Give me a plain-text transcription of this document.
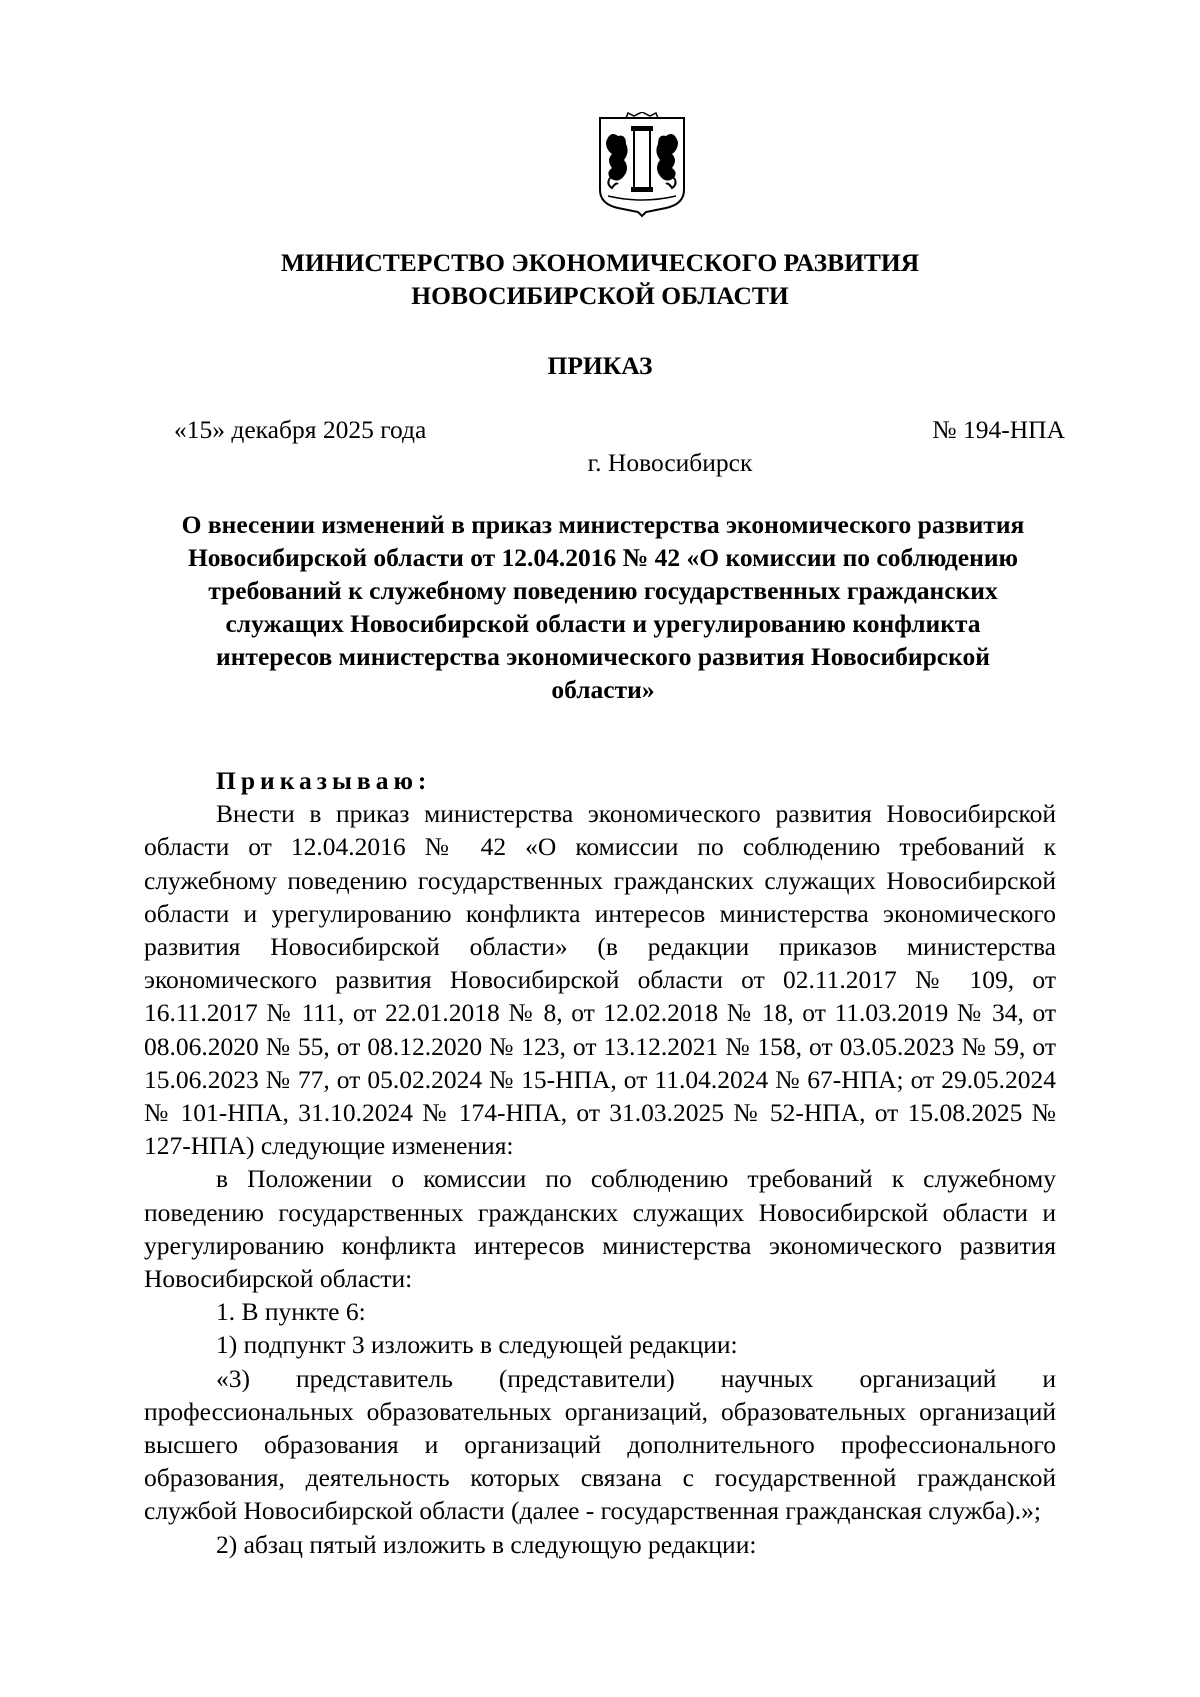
МИНИСТЕРСТВО ЭКОНОМИЧЕСКОГО РАЗВИТИЯ
НОВОСИБИРСКОЙ ОБЛАСТИ
ПРИКАЗ
«15» декабря 2025 года	№ 194-НПА
г. Новосибирск
О внесении изменений в приказ министерства экономического развития Новосибирской области от 12.04.2016 № 42 «О комиссии по соблюдению требований к служебному поведению государственных гражданских служащих Новосибирской области и урегулированию конфликта интересов министерства экономического развития Новосибирской области»

Приказываю:

Внести в приказ министерства экономического развития Новосибирской области от 12.04.2016 № 42 «О комиссии по соблюдению требований к служебному поведению государственных гражданских служащих Новосибирской области и урегулированию конфликта интересов министерства экономического развития Новосибирской области» (в редакции приказов министерства экономического развития Новосибирской области от 02.11.2017 № 109, от 16.11.2017 № 111, от 22.01.2018 № 8, от 12.02.2018 № 18, от 11.03.2019 № 34, от 08.06.2020 № 55, от 08.12.2020 № 123, от 13.12.2021 № 158, от 03.05.2023 № 59, от 15.06.2023 № 77, от 05.02.2024 № 15-НПА, от 11.04.2024 № 67-НПА; от 29.05.2024 № 101-НПА, 31.10.2024 № 174-НПА, от 31.03.2025 № 52-НПА, от 15.08.2025 № 127-НПА) следующие изменения:

в Положении о комиссии по соблюдению требований к служебному поведению государственных гражданских служащих Новосибирской области и урегулированию конфликта интересов министерства экономического развития Новосибирской области:

1. В пункте 6:

1) подпункт 3 изложить в следующей редакции:

«3) представитель (представители) научных организаций и профессиональных образовательных организаций, образовательных организаций высшего образования и организаций дополнительного профессионального образования, деятельность которых связана с государственной гражданской службой Новосибирской области (далее - государственная гражданская служба).»;

2) абзац пятый изложить в следующую редакции:
